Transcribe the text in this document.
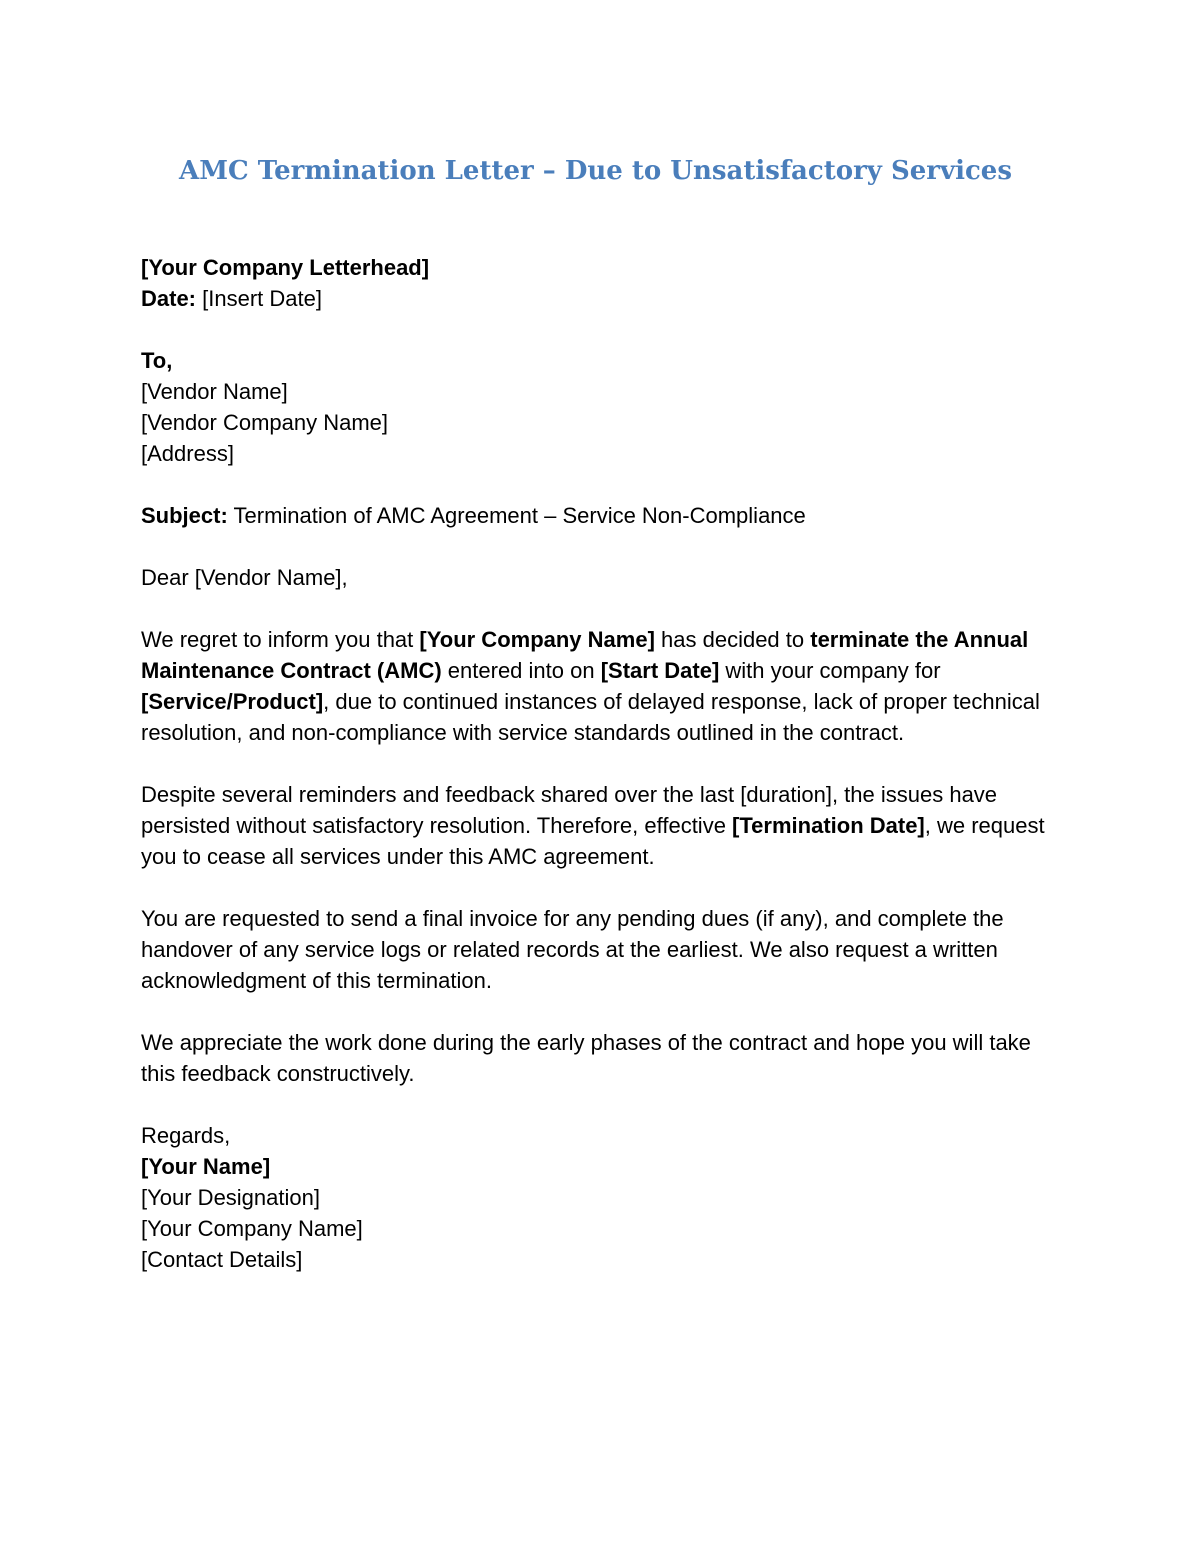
AMC Termination Letter – Due to Unsatisfactory Services
[Your Company Letterhead]
Date: [Insert Date]
To,
[Vendor Name]
[Vendor Company Name]
[Address]
Subject: Termination of AMC Agreement – Service Non-Compliance
Dear [Vendor Name],

We regret to inform you that [Your Company Name] has decided to terminate the Annual Maintenance Contract (AMC) entered into on [Start Date] with your company for [Service/Product], due to continued instances of delayed response, lack of proper technical resolution, and non-compliance with service standards outlined in the contract.

Despite several reminders and feedback shared over the last [duration], the issues have persisted without satisfactory resolution. Therefore, effective [Termination Date], we request you to cease all services under this AMC agreement.

You are requested to send a final invoice for any pending dues (if any), and complete the handover of any service logs or related records at the earliest. We also request a written acknowledgment of this termination.

We appreciate the work done during the early phases of the contract and hope you will take this feedback constructively.

Regards,
[Your Name]
[Your Designation]
[Your Company Name]
[Contact Details]
